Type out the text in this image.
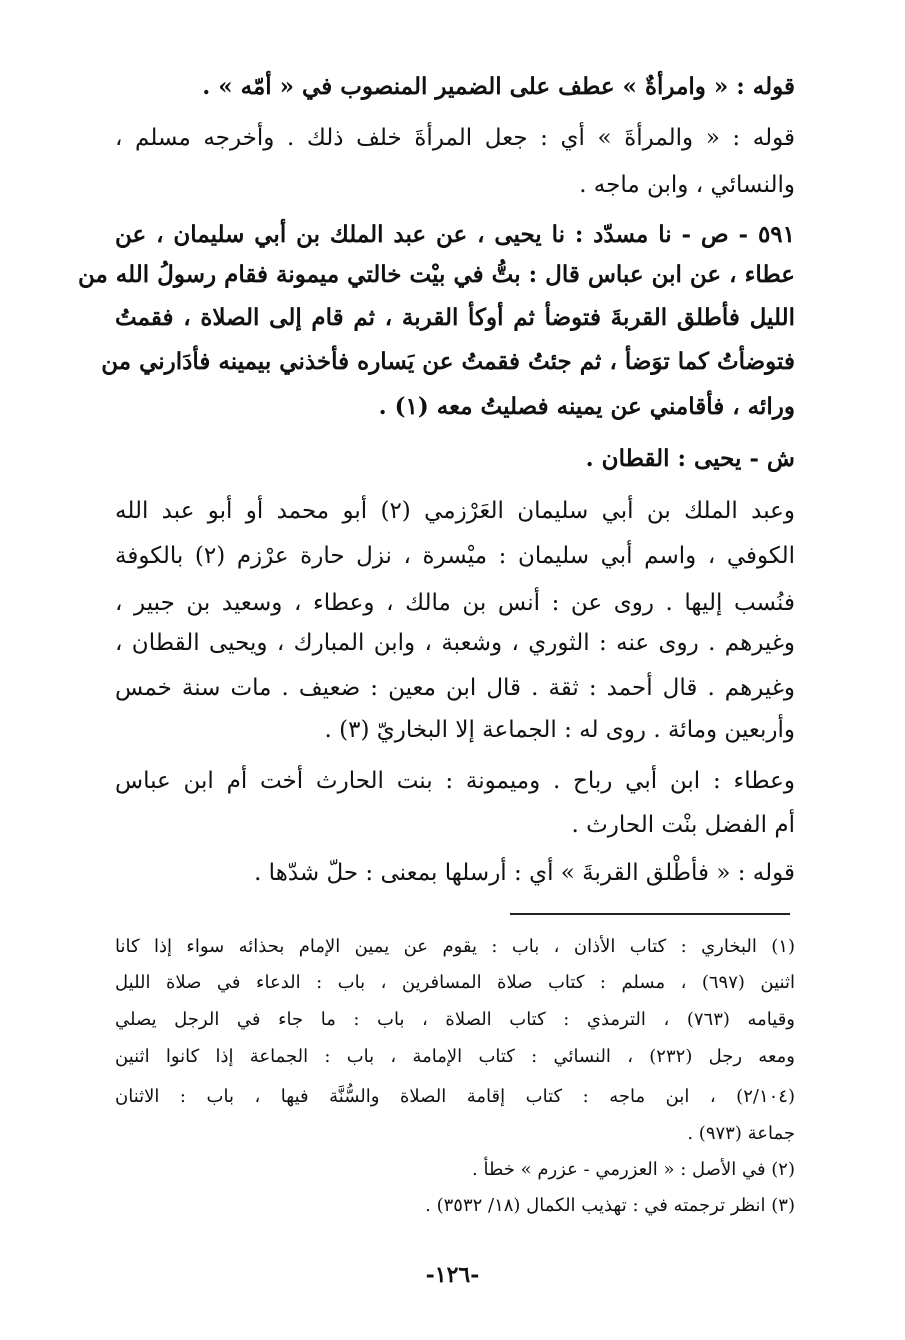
قوله : « وامرأةٌ » عطف على الضمير المنصوب في « أمّه » .
قوله : « والمرأةَ » أي : جعل المرأةَ خلف ذلك . وأخرجه مسلم ،
والنسائي ، وابن ماجه .
٥٩١ - ص - نا مسدّد : نا يحيى ، عن عبد الملك بن أبي سليمان ، عن
عطاء ، عن ابن عباس قال : بتُّ في بيْت خالتي ميمونة فقام رسولُ الله من
الليل فأطلق القربةَ فتوضأ ثم أوكأ القربة ، ثم قام إلى الصلاة ، فقمتُ
فتوضأتُ كما توَضأ ، ثم جئتُ فقمتُ عن يَساره فأخذني بيمينه فأدَارني من
ورائه ، فأقامني عن يمينه فصليتُ معه (١) .
ش - يحيى : القطان .
وعبد الملك بن أبي سليمان العَرْزمي (٢) أبو محمد أو أبو عبد الله
الكوفي ، واسم أبي سليمان : ميْسرة ، نزل حارة عرْزم (٢) بالكوفة
فنُسب إليها . روى عن : أنس بن مالك ، وعطاء ، وسعيد بن جبير ،
وغيرهم . روى عنه : الثوري ، وشعبة ، وابن المبارك ، ويحيى القطان ،
وغيرهم . قال أحمد : ثقة . قال ابن معين : ضعيف . مات سنة خمس
وأربعين ومائة . روى له : الجماعة إلا البخاريّ (٣) .
وعطاء : ابن أبي رباح . وميمونة : بنت الحارث أخت أم ابن عباس
أم الفضل بنْت الحارث .
قوله : « فأطْلق القربةَ » أي : أرسلها بمعنى : حلّ شدّها .
(١) البخاري : كتاب الأذان ، باب : يقوم عن يمين الإمام بحذائه سواء إذا كانا
اثنين (٦٩٧) ، مسلم : كتاب صلاة المسافرين ، باب : الدعاء في صلاة الليل
وقيامه (٧٦٣) ، الترمذي : كتاب الصلاة ، باب : ما جاء في الرجل يصلي
ومعه رجل (٢٣٢) ، النسائي : كتاب الإمامة ، باب : الجماعة إذا كانوا اثنين
(٢/١٠٤) ، ابن ماجه : كتاب إقامة الصلاة والسُّنَّة فيها ، باب : الاثنان
جماعة (٩٧٣) .
(٢) في الأصل : « العزرمي - عزرم » خطأ .
(٣) انظر ترجمته في : تهذيب الكمال (١٨/ ٣٥٣٢) .
-١٢٦-
